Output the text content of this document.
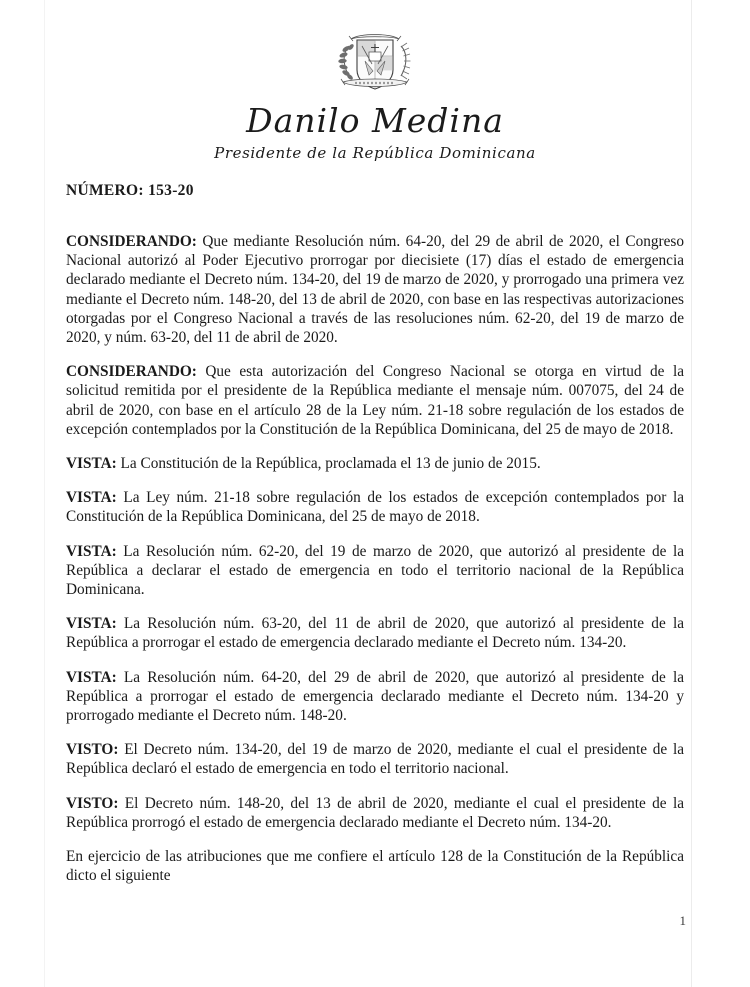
Danilo Medina
Presidente de la República Dominicana
NÚMERO: 153-20

CONSIDERANDO: Que mediante Resolución núm. 64-20, del 29 de abril de 2020, el Congreso Nacional autorizó al Poder Ejecutivo prorrogar por diecisiete (17) días el estado de emergencia declarado mediante el Decreto núm. 134-20, del 19 de marzo de 2020, y prorrogado una primera vez mediante el Decreto núm. 148-20, del 13 de abril de 2020, con base en las respectivas autorizaciones otorgadas por el Congreso Nacional a través de las resoluciones núm. 62-20, del 19 de marzo de 2020, y núm. 63-20, del 11 de abril de 2020.

CONSIDERANDO: Que esta autorización del Congreso Nacional se otorga en virtud de la solicitud remitida por el presidente de la República mediante el mensaje núm. 007075, del 24 de abril de 2020, con base en el artículo 28 de la Ley núm. 21-18 sobre regulación de los estados de excepción contemplados por la Constitución de la República Dominicana, del 25 de mayo de 2018.

VISTA: La Constitución de la República, proclamada el 13 de junio de 2015.

VISTA: La Ley núm. 21-18 sobre regulación de los estados de excepción contemplados por la Constitución de la República Dominicana, del 25 de mayo de 2018.

VISTA: La Resolución núm. 62-20, del 19 de marzo de 2020, que autorizó al presidente de la República a declarar el estado de emergencia en todo el territorio nacional de la República Dominicana.

VISTA: La Resolución núm. 63-20, del 11 de abril de 2020, que autorizó al presidente de la República a prorrogar el estado de emergencia declarado mediante el Decreto núm. 134-20.

VISTA: La Resolución núm. 64-20, del 29 de abril de 2020, que autorizó al presidente de la República a prorrogar el estado de emergencia declarado mediante el Decreto núm. 134-20 y prorrogado mediante el Decreto núm. 148-20.

VISTO: El Decreto núm. 134-20, del 19 de marzo de 2020, mediante el cual el presidente de la República declaró el estado de emergencia en todo el territorio nacional.

VISTO: El Decreto núm. 148-20, del 13 de abril de 2020, mediante el cual el presidente de la República prorrogó el estado de emergencia declarado mediante el Decreto núm. 134-20.

En ejercicio de las atribuciones que me confiere el artículo 128 de la Constitución de la República dicto el siguiente

1
